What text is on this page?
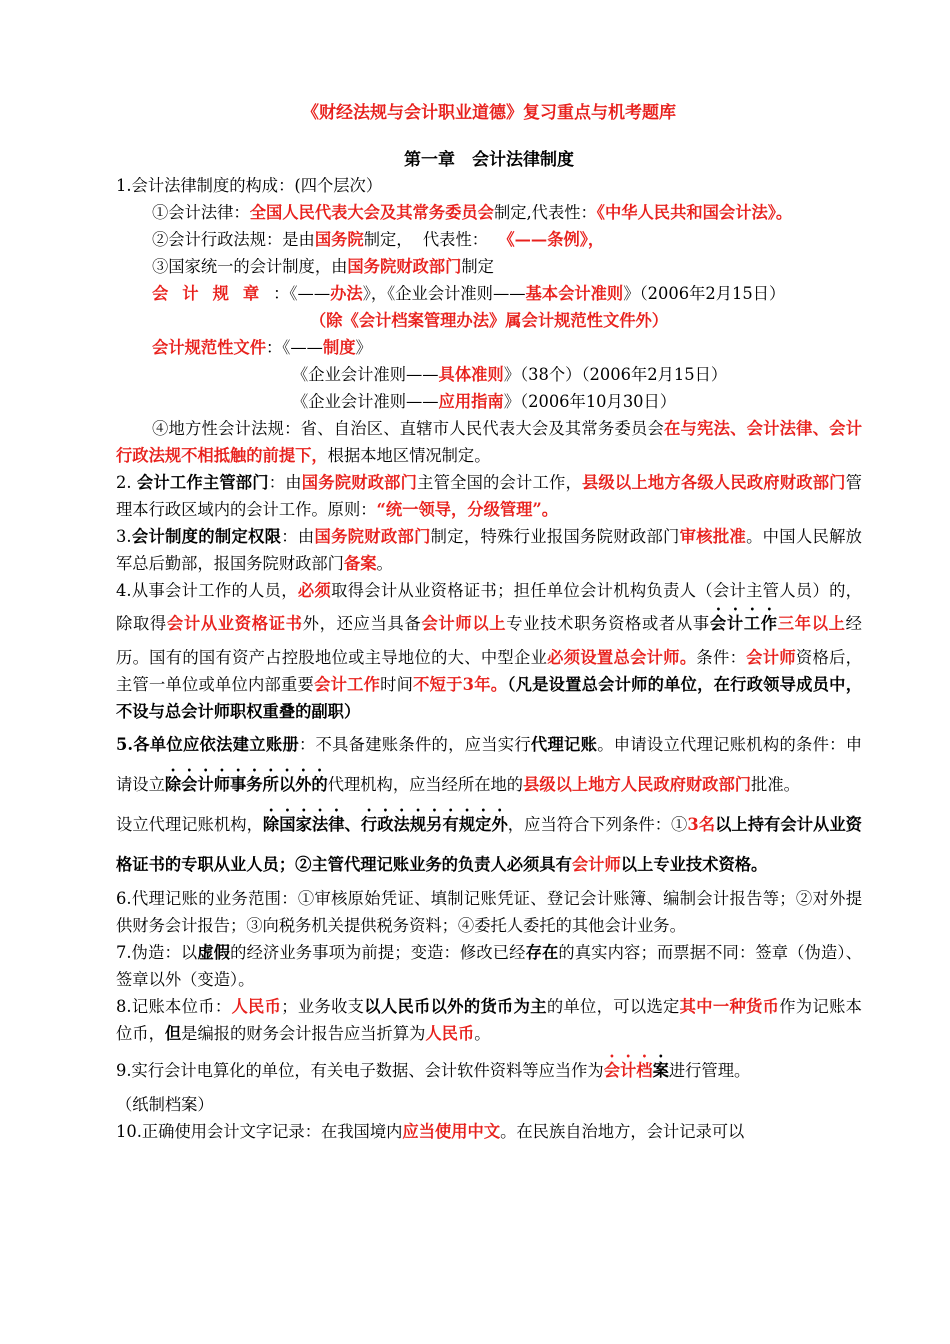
《财经法规与会计职业道德》复习重点与机考题库

第一章　会计法律制度

1.会计法律制度的构成：(四个层次）

①会计法律：全国人民代表大会及其常务委员会制定,代表性：《中华人民共和国会计法》。

②会计行政法规：是由国务院制定，  代表性：  《——条例》，

③国家统一的会计制度，由国务院财政部门制定

会计规章：《——办法》，《企业会计准则——基本会计准则》（2006年2月15日）

（除《会计档案管理办法》属会计规范性文件外）

会计规范性文件：《——制度》

《企业会计准则——具体准则》（38个）（2006年2月15日）

《企业会计准则——应用指南》（2006年10月30日）

④地方性会计法规：省、自治区、直辖市人民代表大会及其常务委员会在与宪法、会计法律、会计行政法规不相抵触的前提下，根据本地区情况制定。

2. 会计工作主管部门：由国务院财政部门主管全国的会计工作，县级以上地方各级人民政府财政部门管理本行政区域内的会计工作。原则：“统一领导，分级管理”。

3.会计制度的制定权限：由国务院财政部门制定，特殊行业报国务院财政部门审核批准。中国人民解放军总后勤部，报国务院财政部门备案。

4.从事会计工作的人员，必须取得会计从业资格证书；担任单位会计机构负责人（会计主管人员）的，除取得会计从业资格证书外，还应当具备会计师以上专业技术职务资格或者从事会计工作三年以上经历。国有的国有资产占控股地位或主导地位的大、中型企业必须设置总会计师。条件：会计师资格后，主管一单位或单位内部重要会计工作时间不短于3年。（凡是设置总会计师的单位，在行政领导成员中，不设与总会计师职权重叠的副职）

5.各单位应依法建立账册：不具备建账条件的，应当实行代理记账。申请设立代理记账机构的条件：申请设立除会计师事务所以外的代理机构，应当经所在地的县级以上地方人民政府财政部门批准。

设立代理记账机构，除国家法律、行政法规另有规定外，应当符合下列条件：①3名以上持有会计从业资格证书的专职从业人员；②主管代理记账业务的负责人必须具有会计师以上专业技术资格。

6.代理记账的业务范围：①审核原始凭证、填制记账凭证、登记会计账簿、编制会计报告等；②对外提供财务会计报告；③向税务机关提供税务资料；④委托人委托的其他会计业务。

7.伪造：以虚假的经济业务事项为前提；变造：修改已经存在的真实内容；而票据不同：签章（伪造）、签章以外（变造）。

8.记账本位币：人民币；业务收支以人民币以外的货币为主的单位，可以选定其中一种货币作为记账本位币，但是编报的财务会计报告应当折算为人民币。

9.实行会计电算化的单位，有关电子数据、会计软件资料等应当作为会计档案进行管理。

（纸制档案）

10.正确使用会计文字记录：在我国境内应当使用中文。在民族自治地方，会计记录可以
